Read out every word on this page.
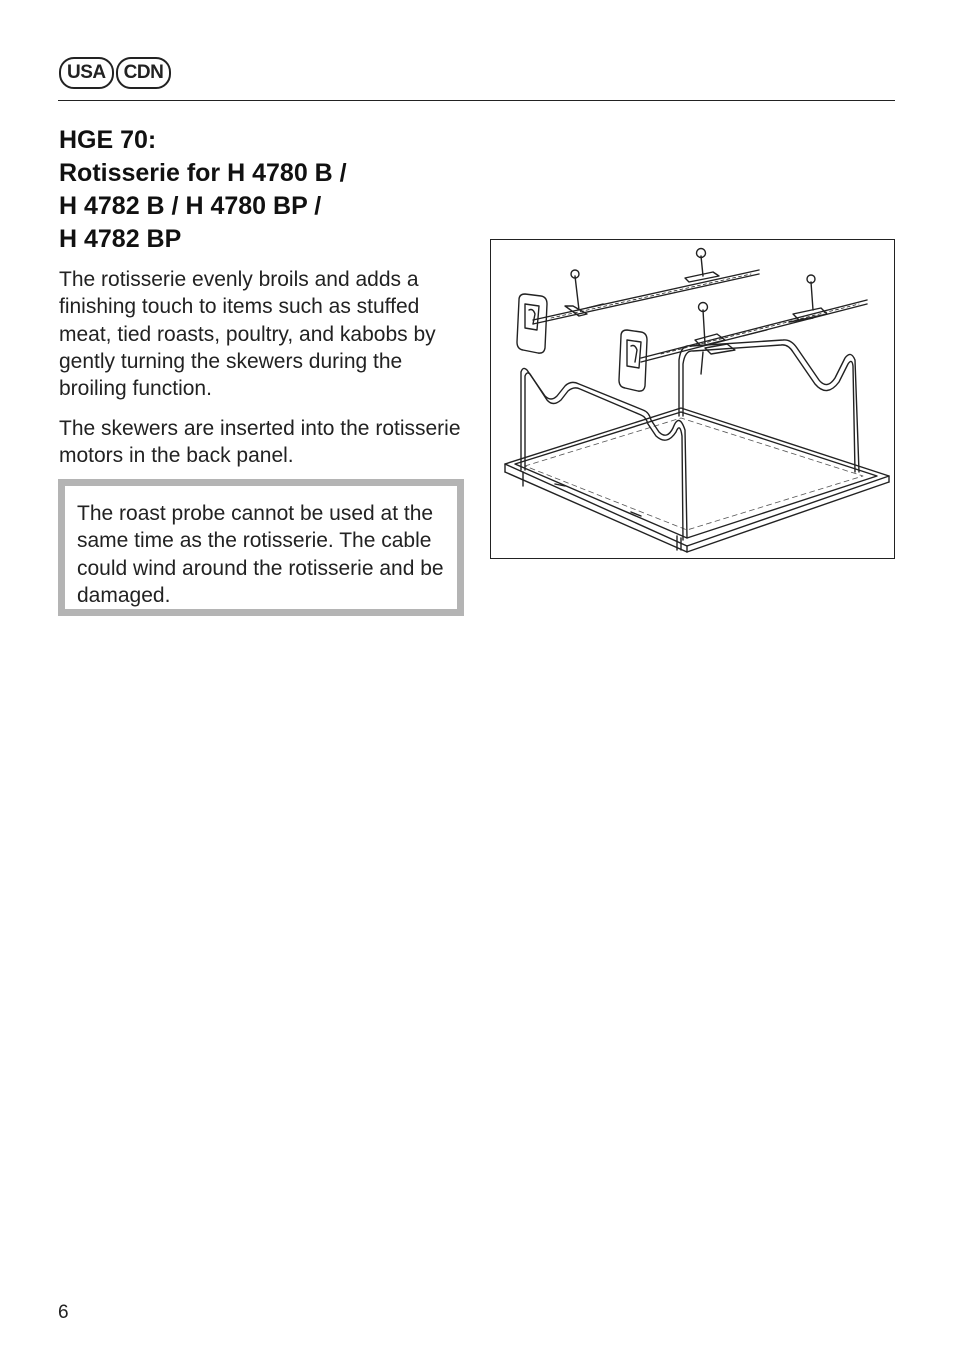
USA CDN
HGE 70:
Rotisserie for H 4780 B /
H 4782 B / H 4780 BP /
H 4782 BP

The rotisserie evenly broils and adds a finishing touch to items such as stuffed meat, tied roasts, poultry, and kabobs by gently turning the skewers during the broiling function.

The skewers are inserted into the rotisserie motors in the back panel.

The roast probe cannot be used at the same time as the rotisserie. The cable could wind around the rotisserie and be damaged.

6
